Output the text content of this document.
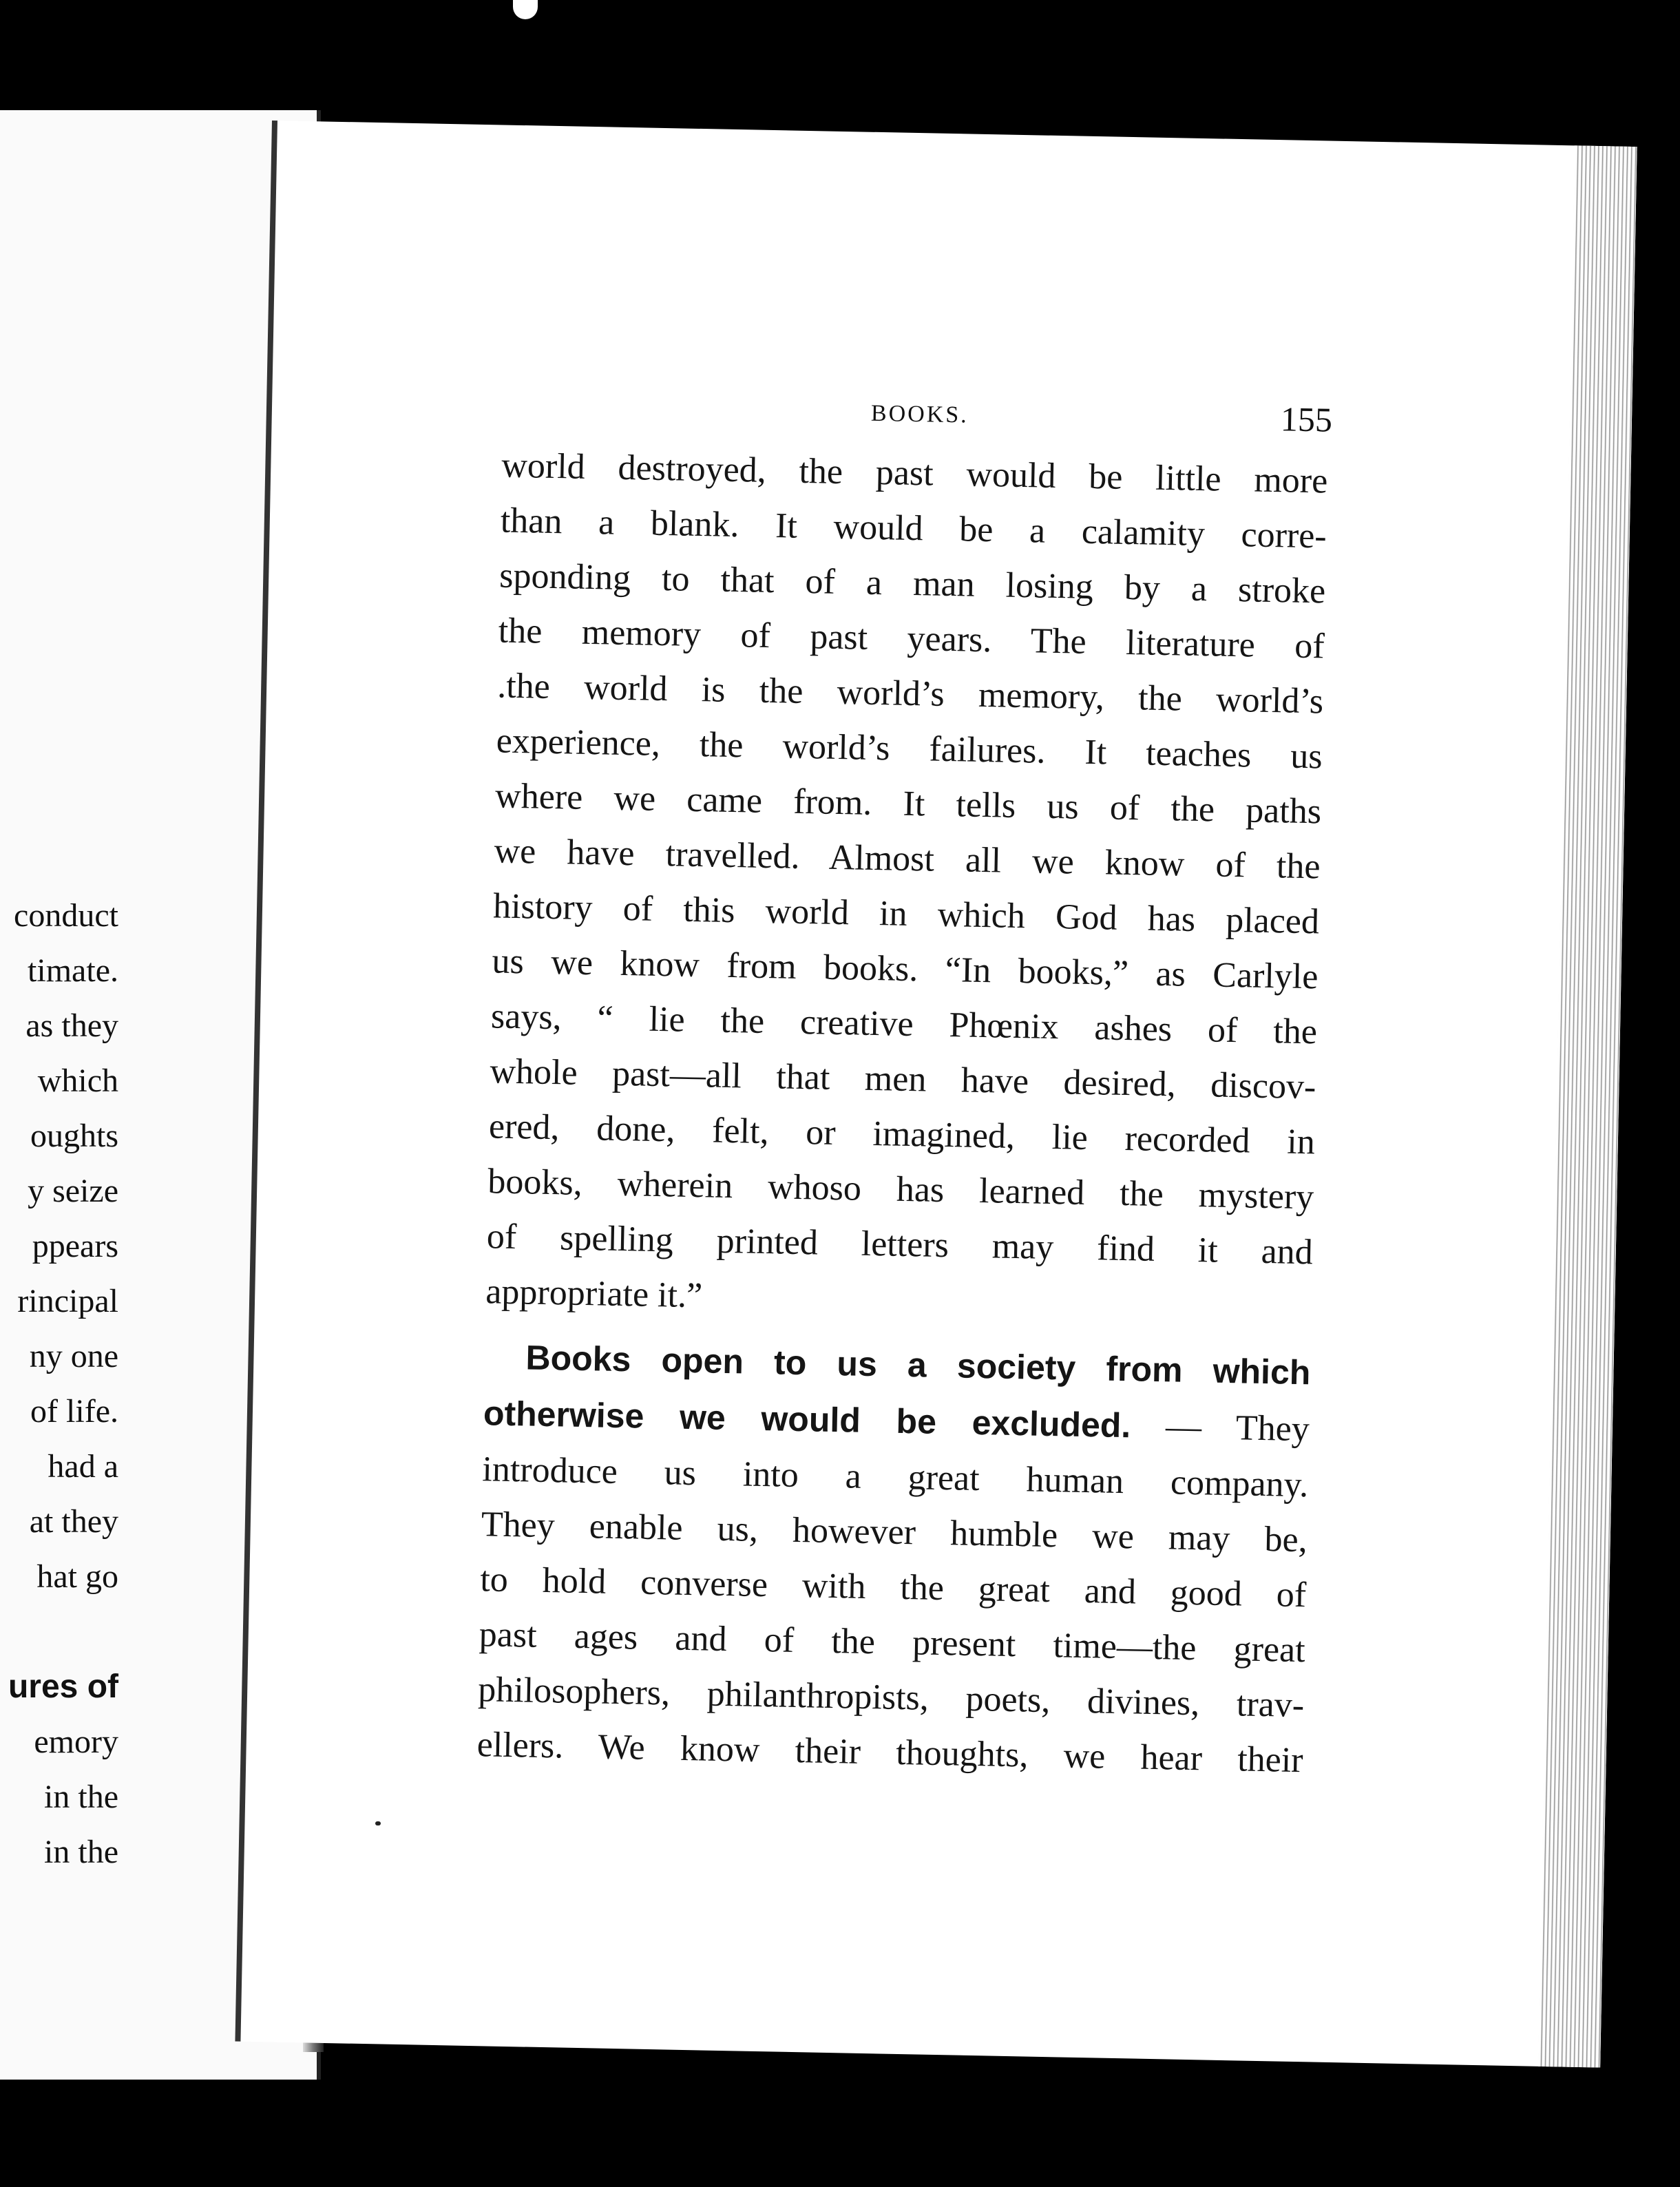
conduct
timate.
as they
which
oughts
y seize
ppears
rincipal
ny one
of life.
had a
at they
hat go
ures of
emory
in the
in the
BOOKS.	155
world destroyed, the past would be little more
than a blank. It would be a calamity corre-
sponding to that of a man losing by a stroke
the memory of past years. The literature of
.the world is the world’s memory, the world’s
experience, the world’s failures. It teaches us
where we came from. It tells us of the paths
we have travelled. Almost all we know of the
history of this world in which God has placed
us we know from books. “In books,” as Carlyle
says, “ lie the creative Phœnix ashes of the
whole past—all that men have desired, discov-
ered, done, felt, or imagined, lie recorded in
books, wherein whoso has learned the mystery
of spelling printed letters may find it and
appropriate it.”
Books open to us a society from which
otherwise we would be excluded. — They
introduce us into a great human company.
They enable us, however humble we may be,
to hold converse with the great and good of
past ages and of the present time—the great
philosophers, philanthropists, poets, divines, trav-
ellers. We know their thoughts, we hear their
